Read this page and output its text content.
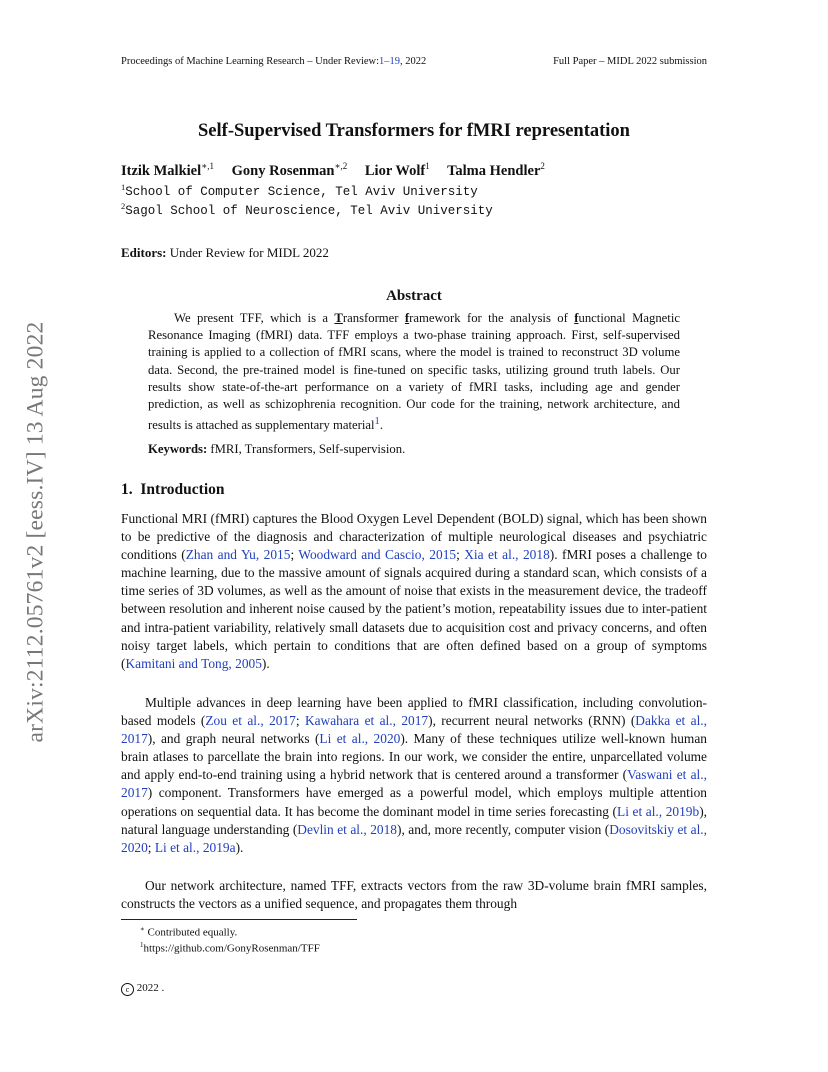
Proceedings of Machine Learning Research – Under Review:1–19, 2022	Full Paper – MIDL 2022 submission
arXiv:2112.05761v2 [eess.IV] 13 Aug 2022
Self-Supervised Transformers for fMRI representation
Itzik Malkiel$^{∗,1}$ Gony Rosenman$^{∗,2}$ Lior Wolf$^1$ Talma Hendler$^2$
$^1$School of Computer Science, Tel Aviv University
$^2$Sagol School of Neuroscience, Tel Aviv University
Editors: Under Review for MIDL 2022
Abstract
We present TFF, which is a Transformer framework for the analysis of functional Magnetic Resonance Imaging (fMRI) data. TFF employs a two-phase training approach. First, self-supervised training is applied to a collection of fMRI scans, where the model is trained to reconstruct 3D volume data. Second, the pre-trained model is fine-tuned on specific tasks, utilizing ground truth labels. Our results show state-of-the-art performance on a variety of fMRI tasks, including age and gender prediction, as well as schizophrenia recognition. Our code for the training, network architecture, and results is attached as supplementary material$^1$.
Keywords: fMRI, Transformers, Self-supervision.
1. Introduction
Functional MRI (fMRI) captures the Blood Oxygen Level Dependent (BOLD) signal, which has been shown to be predictive of the diagnosis and characterization of multiple neurological diseases and psychiatric conditions (Zhan and Yu, 2015; Woodward and Cascio, 2015; Xia et al., 2018). fMRI poses a challenge to machine learning, due to the massive amount of signals acquired during a standard scan, which consists of a time series of 3D volumes, as well as the amount of noise that exists in the measurement device, the tradeoff between resolution and inherent noise caused by the patient’s motion, repeatability issues due to inter-patient and intra-patient variability, relatively small datasets due to acquisition cost and privacy concerns, and often noisy target labels, which pertain to conditions that are often defined based on a group of symptoms (Kamitani and Tong, 2005).
Multiple advances in deep learning have been applied to fMRI classification, including convolution-based models (Zou et al., 2017; Kawahara et al., 2017), recurrent neural networks (RNN) (Dakka et al., 2017), and graph neural networks (Li et al., 2020). Many of these techniques utilize well-known human brain atlases to parcellate the brain into regions. In our work, we consider the entire, unparcellated volume and apply end-to-end training using a hybrid network that is centered around a transformer (Vaswani et al., 2017) component. Transformers have emerged as a powerful model, which employs multiple attention operations on sequential data. It has become the dominant model in time series forecasting (Li et al., 2019b), natural language understanding (Devlin et al., 2018), and, more recently, computer vision (Dosovitskiy et al., 2020; Li et al., 2019a).
Our network architecture, named TFF, extracts vectors from the raw 3D-volume brain fMRI samples, constructs the vectors as a unified sequence, and propagates them through
∗ Contributed equally.
$^1$https://github.com/GonyRosenman/TFF
c 2022 .
